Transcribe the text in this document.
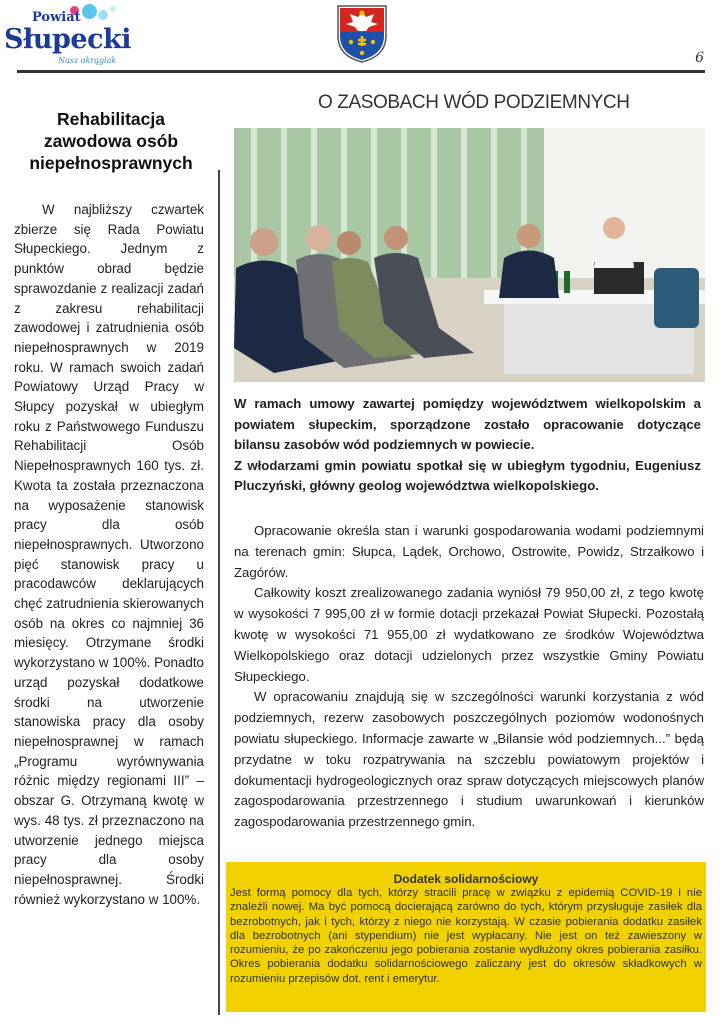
Powiat
Słupecki
Nasz okrąglak	6
Rehabilitacja zawodowa osób niepełnosprawnych

W najbliższy czwartek zbierze się Rada Powiatu Słupeckiego. Jednym z punktów obrad będzie sprawozdanie z realizacji zadań z zakresu rehabilitacji zawodowej i zatrudnienia osób niepełnosprawnych w 2019 roku. W ramach swoich zadań Powiatowy Urząd Pracy w Słupcy pozyskał w ubiegłym roku z Państwowego Funduszu Rehabilitacji Osób Niepełnosprawnych 160 tys. zł. Kwota ta została przeznaczona na wyposażenie stanowisk pracy dla osób niepełnosprawnych. Utworzono pięć stanowisk pracy u pracodawców deklarujących chęć zatrudnienia skierowanych osób na okres co najmniej 36 miesięcy. Otrzymane środki wykorzystano w 100%. Ponadto urząd pozyskał dodatkowe środki na utworzenie stanowiska pracy dla osoby niepełnosprawnej w ramach „Programu wyrównywania różnic między regionami III” – obszar G. Otrzymaną kwotę w wys. 48 tys. zł przeznaczono na utworzenie jednego miejsca pracy dla osoby niepełnosprawnej. Środki również wykorzystano w 100%.

O ZASOBACH WÓD PODZIEMNYCH

W ramach umowy zawartej pomiędzy województwem wielkopolskim a powiatem słupeckim, sporządzone zostało opracowanie dotyczące bilansu zasobów wód podziemnych w powiecie.

Z włodarzami gmin powiatu spotkał się w ubiegłym tygodniu, Eugeniusz Pluczyński, główny geolog województwa wielkopolskiego.

Opracowanie określa stan i warunki gospodarowania wodami podziemnymi na terenach gmin: Słupca, Lądek, Orchowo, Ostrowite, Powidz, Strzałkowo i Zagórów.

Całkowity koszt zrealizowanego zadania wyniósł 79 950,00 zł, z tego kwotę w wysokości 7 995,00 zł w formie dotacji przekazał Powiat Słupecki. Pozostałą kwotę w wysokości 71 955,00 zł wydatkowano ze środków Województwa Wielkopolskiego oraz dotacji udzielonych przez wszystkie Gminy Powiatu Słupeckiego.

W opracowaniu znajdują się w szczególności warunki korzystania z wód podziemnych, rezerw zasobowych poszczególnych poziomów wodonośnych powiatu słupeckiego. Informacje zawarte w „Bilansie wód podziemnych...” będą przydatne w toku rozpatrywania na szczeblu powiatowym projektów i dokumentacji hydrogeologicznych oraz spraw dotyczących miejscowych planów zagospodarowania przestrzennego i studium uwarunkowań i kierunków zagospodarowania przestrzennego gmin.

Dodatek solidarnościowy
Jest formą pomocy dla tych, którzy stracili pracę w związku z epidemią COVID-19 i nie znaleźli nowej. Ma być pomocą docierającą zarówno do tych, którym przysługuje zasiłek dla bezrobotnych, jak i tych, którzy z niego nie korzystają. W czasie pobierania dodatku zasiłek dla bezrobotnych (ani stypendium) nie jest wypłacany. Nie jest on też zawieszony w rozumieniu, że po zakończeniu jego pobierania zostanie wydłużony okres pobierania zasiłku. Okres pobierania dodatku solidarnościowego zaliczany jest do okresów składkowych w rozumieniu przepisów dot. rent i emerytur.
